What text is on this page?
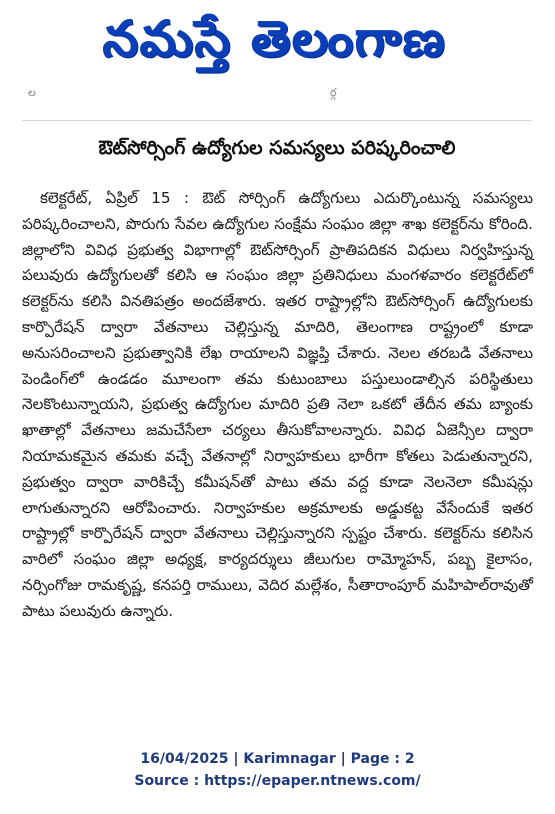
నమస్తే తెలంగాణ
ల	ర్గ
ఔట్‌సోర్సింగ్ ఉద్యోగుల సమస్యలు పరిష్కరించాలి
కలెక్టరేట్, ఏప్రిల్ 15 : ఔట్ సోర్సింగ్ ఉద్యోగులు ఎదుర్కొంటున్న సమస్యలు పరిష్కరించాలని, పొరుగు సేవల ఉద్యోగుల సంక్షేమ సంఘం జిల్లా శాఖ కలెక్టర్‌ను కోరింది. జిల్లాలోని వివిధ ప్రభుత్వ విభాగాల్లో ఔట్‌సోర్సింగ్ ప్రాతిపదికన విధులు నిర్వహిస్తున్న పలువురు ఉద్యోగులతో కలిసి ఆ సంఘం జిల్లా ప్రతినిధులు మంగళవారం కలెక్టరేట్‌లో కలెక్టర్‌ను కలిసి వినతిపత్రం అందజేశారు. ఇతర రాష్ట్రాల్లోని ఔట్‌సోర్సింగ్ ఉద్యోగులకు కార్పొరేషన్ ద్వారా వేతనాలు చెల్లిస్తున్న మాదిరి, తెలంగాణ రాష్ట్రంలో కూడా అనుసరించాలని ప్రభుత్వానికి లేఖ రాయాలని విజ్ఞప్తి చేశారు. నెలల తరబడి వేతనాలు పెండింగ్‌లో ఉండడం మూలంగా తమ కుటుంబాలు పస్తులుండాల్సిన పరిస్థితులు నెలకొంటున్నాయని, ప్రభుత్వ ఉద్యోగుల మాదిరి ప్రతి నెలా ఒకటో తేదీన తమ బ్యాంకు ఖాతాల్లో వేతనాలు జమచేసేలా చర్యలు తీసుకోవాలన్నారు. వివిధ ఏజెన్సీల ద్వారా నియామకమైన తమకు వచ్చే వేతనాల్లో నిర్వాహకులు భారీగా కోతలు పెడుతున్నారని, ప్రభుత్వం ద్వారా వారికిచ్చే కమీషన్‌తో పాటు తమ వద్ద కూడా నెలనెలా కమీషన్లు లాగుతున్నారని ఆరోపించారు. నిర్వాహకుల అక్రమాలకు అడ్డుకట్ట వేసేందుకే ఇతర రాష్ట్రాల్లో కార్పొరేషన్ ద్వారా వేతనాలు చెల్లిస్తున్నారని స్పష్టం చేశారు. కలెక్టర్‌ను కలిసిన వారిలో సంఘం జిల్లా అధ్యక్ష, కార్యదర్శులు జీలుగుల రామ్మోహన్, పబ్బ కైలాసం, నర్సింగోజు రామకృష్ణ, కనపర్తి రాములు, వెదిర మల్లేశం, సీతారాంపూర్ మహిపాల్‌రావుతో పాటు పలువురు ఉన్నారు.
16/04/2025 | Karimnagar | Page : 2
Source : https://epaper.ntnews.com/
